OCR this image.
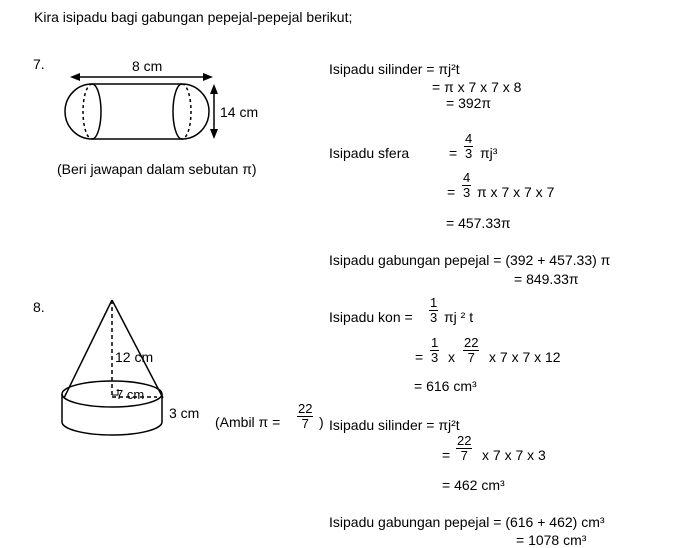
Kira isipadu bagi gabungan pepejal-pepejal berikut;
7.	8 cm
14 cm
(Beri jawapan dalam sebutan π)
Isipadu silinder = πj²t
= π x 7 x 7 x 8
= 392π
Isipadu sfera	= $\frac{4}{3} \pi j^3$
= $\frac{4}{3}$ π x 7 x 7 x 7
= 457.33π
Isipadu gabungan pepejal = (392 + 457.33) π
= 849.33π
8.
12 cm
7 cm
3 cm
(Ambil $\pi = \frac{22}{7}$ )
Isipadu kon = $\frac{1}{3}$ πj ² t
= $\frac{1}{3}$ x $\frac{22}{7}$ x 7 x 7 x 12
= 616 cm³
Isipadu silinder = πj²t
= $\frac{22}{7}$ x 7 x 7 x 3
= 462 cm³
Isipadu gabungan pepejal = (616 + 462) cm³
= 1078 cm³
